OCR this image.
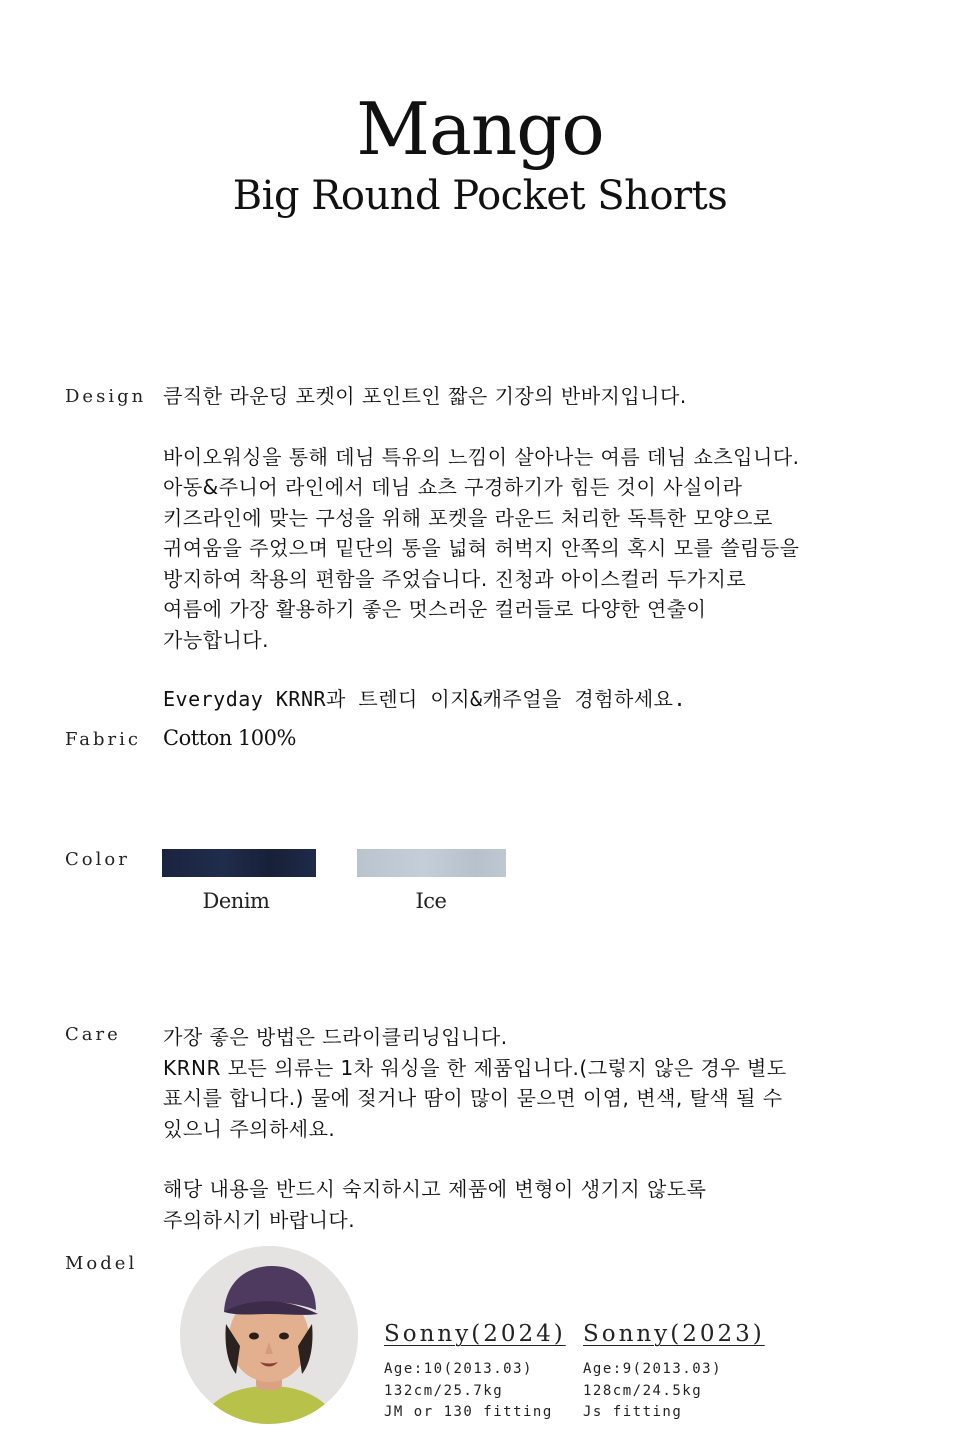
Mango
Big Round Pocket Shorts
Design 큼직한 라운딩 포켓이 포인트인 짧은 기장의 반바지입니다.

바이오워싱을 통해 데님 특유의 느낌이 살아나는 여름 데님 쇼츠입니다. 아동&주니어 라인에서 데님 쇼츠 구경하기가 힘든 것이 사실이라 키즈라인에 맞는 구성을 위해 포켓을 라운드 처리한 독특한 모양으로 귀여움을 주었으며 밑단의 통을 넓혀 허벅지 안쪽의 혹시 모를 쓸림등을 방지하여 착용의 편함을 주었습니다. 진청과 아이스컬러 두가지로 여름에 가장 활용하기 좋은 멋스러운 컬러들로 다양한 연출이 가능합니다.

Everyday KRNR과 트렌디 이지&캐주얼을 경험하세요.
Fabric Cotton 100%
Color
Denim	Ice
Care 가장 좋은 방법은 드라이클리닝입니다.

KRNR 모든 의류는 1차 워싱을 한 제품입니다.(그렇지 않은 경우 별도 표시를 합니다.) 물에 젖거나 땀이 많이 묻으면 이염, 변색, 탈색 될 수 있으니 주의하세요.

해당 내용을 반드시 숙지하시고 제품에 변형이 생기지 않도록 주의하시기 바랍니다.

Model
Sonny(2024)
Age:10(2013.03)
132cm/25.7kg
JM or 130 fitting
Sonny(2023)
Age:9(2013.03)
128cm/24.5kg
Js fitting
